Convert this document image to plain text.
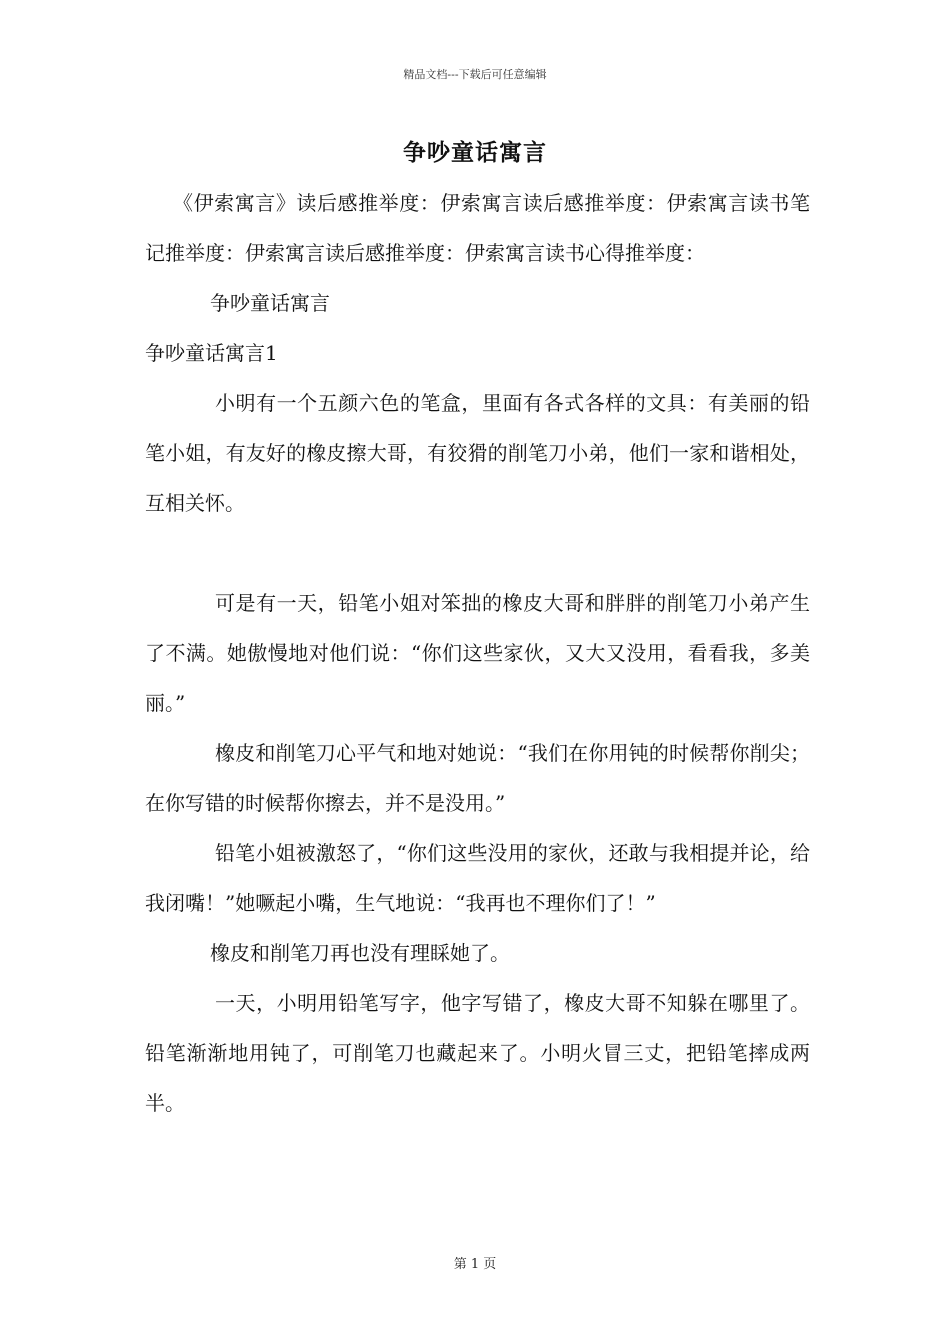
精品文档---下载后可任意编辑
争吵童话寓言

《伊索寓言》读后感推举度：伊索寓言读后感推举度：伊索寓言读书笔记推举度：伊索寓言读后感推举度：伊索寓言读书心得推举度：

争吵童话寓言

争吵童话寓言1

小明有一个五颜六色的笔盒，里面有各式各样的文具：有美丽的铅笔小姐，有友好的橡皮擦大哥，有狡猾的削笔刀小弟，他们一家和谐相处，互相关怀。

可是有一天，铅笔小姐对笨拙的橡皮大哥和胖胖的削笔刀小弟产生了不满。她傲慢地对他们说：“你们这些家伙，又大又没用，看看我，多美丽。”

橡皮和削笔刀心平气和地对她说：“我们在你用钝的时候帮你削尖；在你写错的时候帮你擦去，并不是没用。”

铅笔小姐被激怒了，“你们这些没用的家伙，还敢与我相提并论，给我闭嘴！”她噘起小嘴，生气地说：“我再也不理你们了！”

橡皮和削笔刀再也没有理睬她了。

一天，小明用铅笔写字，他字写错了，橡皮大哥不知躲在哪里了。铅笔渐渐地用钝了，可削笔刀也藏起来了。小明火冒三丈，把铅笔摔成两半。

第 1 页
